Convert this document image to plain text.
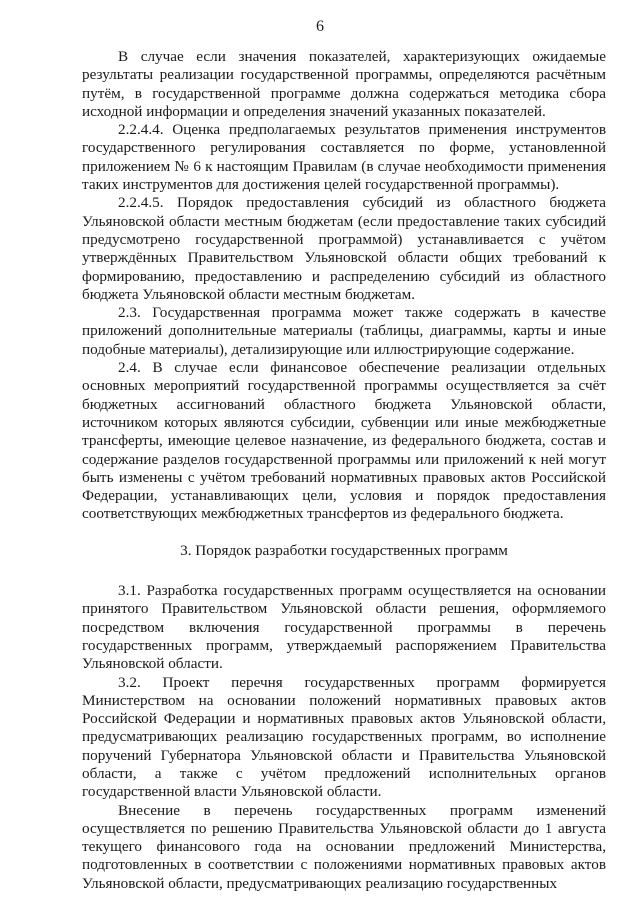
6

В случае если значения показателей, характеризующих ожидаемые результаты реализации государственной программы, определяются расчётным путём, в государственной программе должна содержаться методика сбора исходной информации и определения значений указанных показателей.

2.2.4.4. Оценка предполагаемых результатов применения инструментов государственного регулирования составляется по форме, установленной приложением № 6 к настоящим Правилам (в случае необходимости применения таких инструментов для достижения целей государственной программы).

2.2.4.5. Порядок предоставления субсидий из областного бюджета Ульяновской области местным бюджетам (если предоставление таких субсидий предусмотрено государственной программой) устанавливается с учётом утверждённых Правительством Ульяновской области общих требований к формированию, предоставлению и распределению субсидий из областного бюджета Ульяновской области местным бюджетам.

2.3. Государственная программа может также содержать в качестве приложений дополнительные материалы (таблицы, диаграммы, карты и иные подобные материалы), детализирующие или иллюстрирующие содержание.

2.4. В случае если финансовое обеспечение реализации отдельных основных мероприятий государственной программы осуществляется за счёт бюджетных ассигнований областного бюджета Ульяновской области, источником которых являются субсидии, субвенции или иные межбюджетные трансферты, имеющие целевое назначение, из федерального бюджета, состав и содержание разделов государственной программы или приложений к ней могут быть изменены с учётом требований нормативных правовых актов Российской Федерации, устанавливающих цели, условия и порядок предоставления соответствующих межбюджетных трансфертов из федерального бюджета.

3. Порядок разработки государственных программ

3.1. Разработка государственных программ осуществляется на основании принятого Правительством Ульяновской области решения, оформляемого посредством включения государственной программы в перечень государственных программ, утверждаемый распоряжением Правительства Ульяновской области.

3.2. Проект перечня государственных программ формируется Министерством на основании положений нормативных правовых актов Российской Федерации и нормативных правовых актов Ульяновской области, предусматривающих реализацию государственных программ, во исполнение поручений Губернатора Ульяновской области и Правительства Ульяновской области, а также с учётом предложений исполнительных органов государственной власти Ульяновской области.

Внесение в перечень государственных программ изменений осуществляется по решению Правительства Ульяновской области до 1 августа текущего финансового года на основании предложений Министерства, подготовленных в соответствии с положениями нормативных правовых актов Ульяновской области, предусматривающих реализацию государственных
